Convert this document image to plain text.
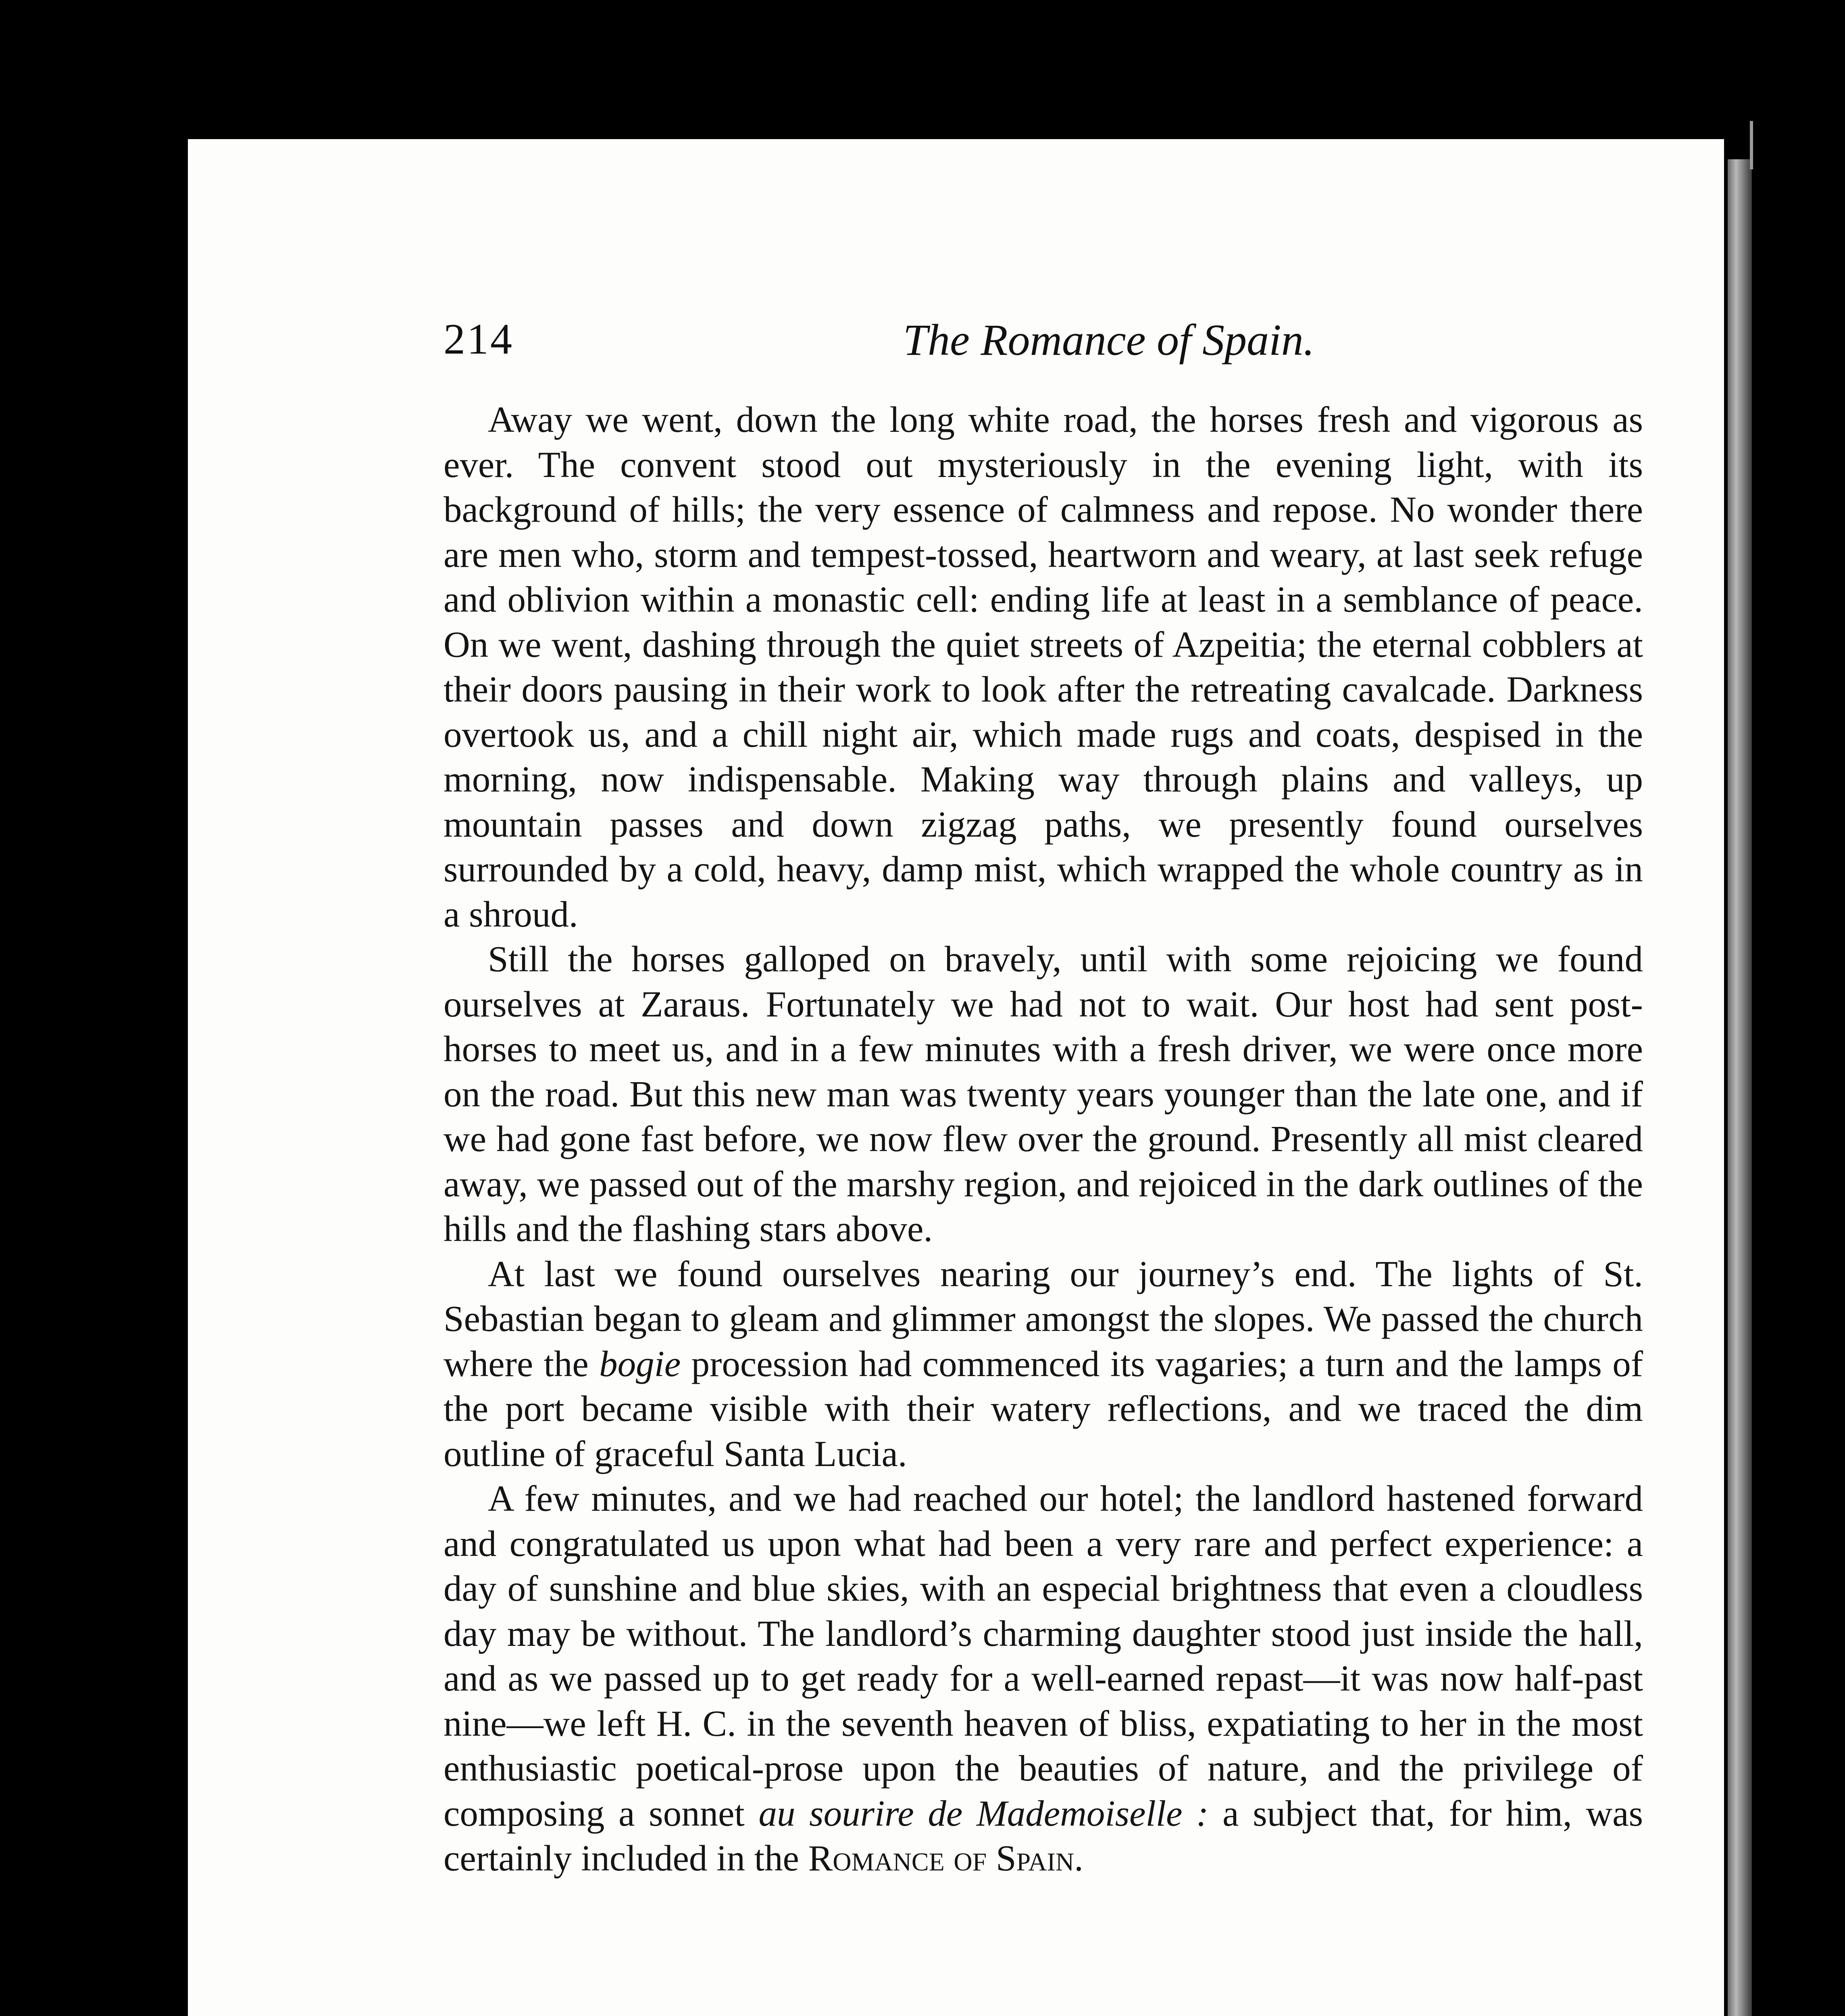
214	The Romance of Spain.

Away we went, down the long white road, the horses fresh and vigorous as ever. The convent stood out mysteriously in the evening light, with its background of hills; the very essence of calmness and repose. No wonder there are men who, storm and tempest-tossed, heartworn and weary, at last seek refuge and oblivion within a monastic cell: ending life at least in a semblance of peace. On we went, dashing through the quiet streets of Azpeitia; the eternal cobblers at their doors pausing in their work to look after the retreating cavalcade. Darkness overtook us, and a chill night air, which made rugs and coats, despised in the morning, now indispensable. Making way through plains and valleys, up mountain passes and down zigzag paths, we presently found ourselves surrounded by a cold, heavy, damp mist, which wrapped the whole country as in a shroud.

Still the horses galloped on bravely, until with some rejoicing we found ourselves at Zaraus. Fortunately we had not to wait. Our host had sent post-horses to meet us, and in a few minutes with a fresh driver, we were once more on the road. But this new man was twenty years younger than the late one, and if we had gone fast before, we now flew over the ground. Presently all mist cleared away, we passed out of the marshy region, and rejoiced in the dark outlines of the hills and the flashing stars above.

At last we found ourselves nearing our journey’s end. The lights of St. Sebastian began to gleam and glimmer amongst the slopes. We passed the church where the bogie procession had commenced its vagaries; a turn and the lamps of the port became visible with their watery reflections, and we traced the dim outline of graceful Santa Lucia.

A few minutes, and we had reached our hotel; the landlord hastened forward and congratulated us upon what had been a very rare and perfect experience: a day of sunshine and blue skies, with an especial brightness that even a cloudless day may be without. The landlord’s charming daughter stood just inside the hall, and as we passed up to get ready for a well-earned repast—it was now half-past nine—we left H. C. in the seventh heaven of bliss, expatiating to her in the most enthusiastic poetical-prose upon the beauties of nature, and the privilege of composing a sonnet au sourire de Mademoiselle : a subject that, for him, was certainly included in the Romance of Spain.
